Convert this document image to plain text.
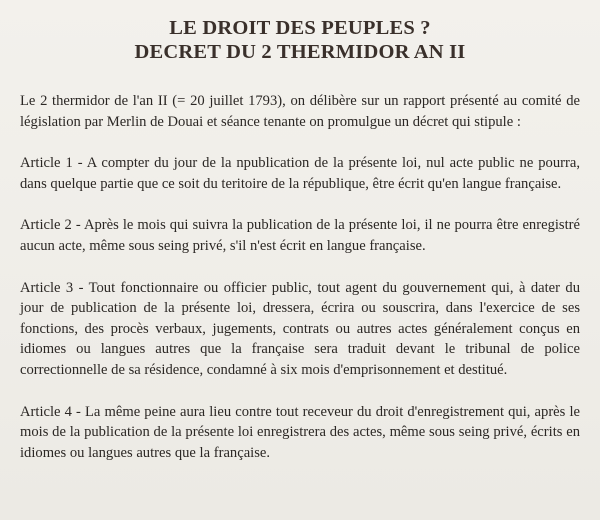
LE DROIT DES PEUPLES ?
DECRET DU 2 THERMIDOR AN II

Le 2 thermidor de l'an II (= 20 juillet 1793), on délibère sur un rapport présenté au comité de législation par Merlin de Douai et séance tenante on promulgue un décret qui stipule :

Article 1 - A compter du jour de la npublication de la présente loi, nul acte public ne pourra, dans quelque partie que ce soit du teritoire de la république, être écrit qu'en langue française.

Article 2 - Après le mois qui suivra la publication de la présente loi, il ne pourra être enregistré aucun acte, même sous seing privé, s'il n'est écrit en langue française.

Article 3 - Tout fonctionnaire ou officier public, tout agent du gouvernement qui, à dater du jour de publication de la présente loi, dressera, écrira ou souscrira, dans l'exercice de ses fonctions, des procès verbaux, jugements, contrats ou autres actes généralement conçus en idiomes ou langues autres que la française sera traduit devant le tribunal de police correctionnelle de sa résidence, condamné à six mois d'emprisonnement et destitué.

Article 4 - La même peine aura lieu contre tout receveur du droit d'enregistrement qui, après le mois de la publication de la présente loi enregistrera des actes, même sous seing privé, écrits en idiomes ou langues autres que la française.
